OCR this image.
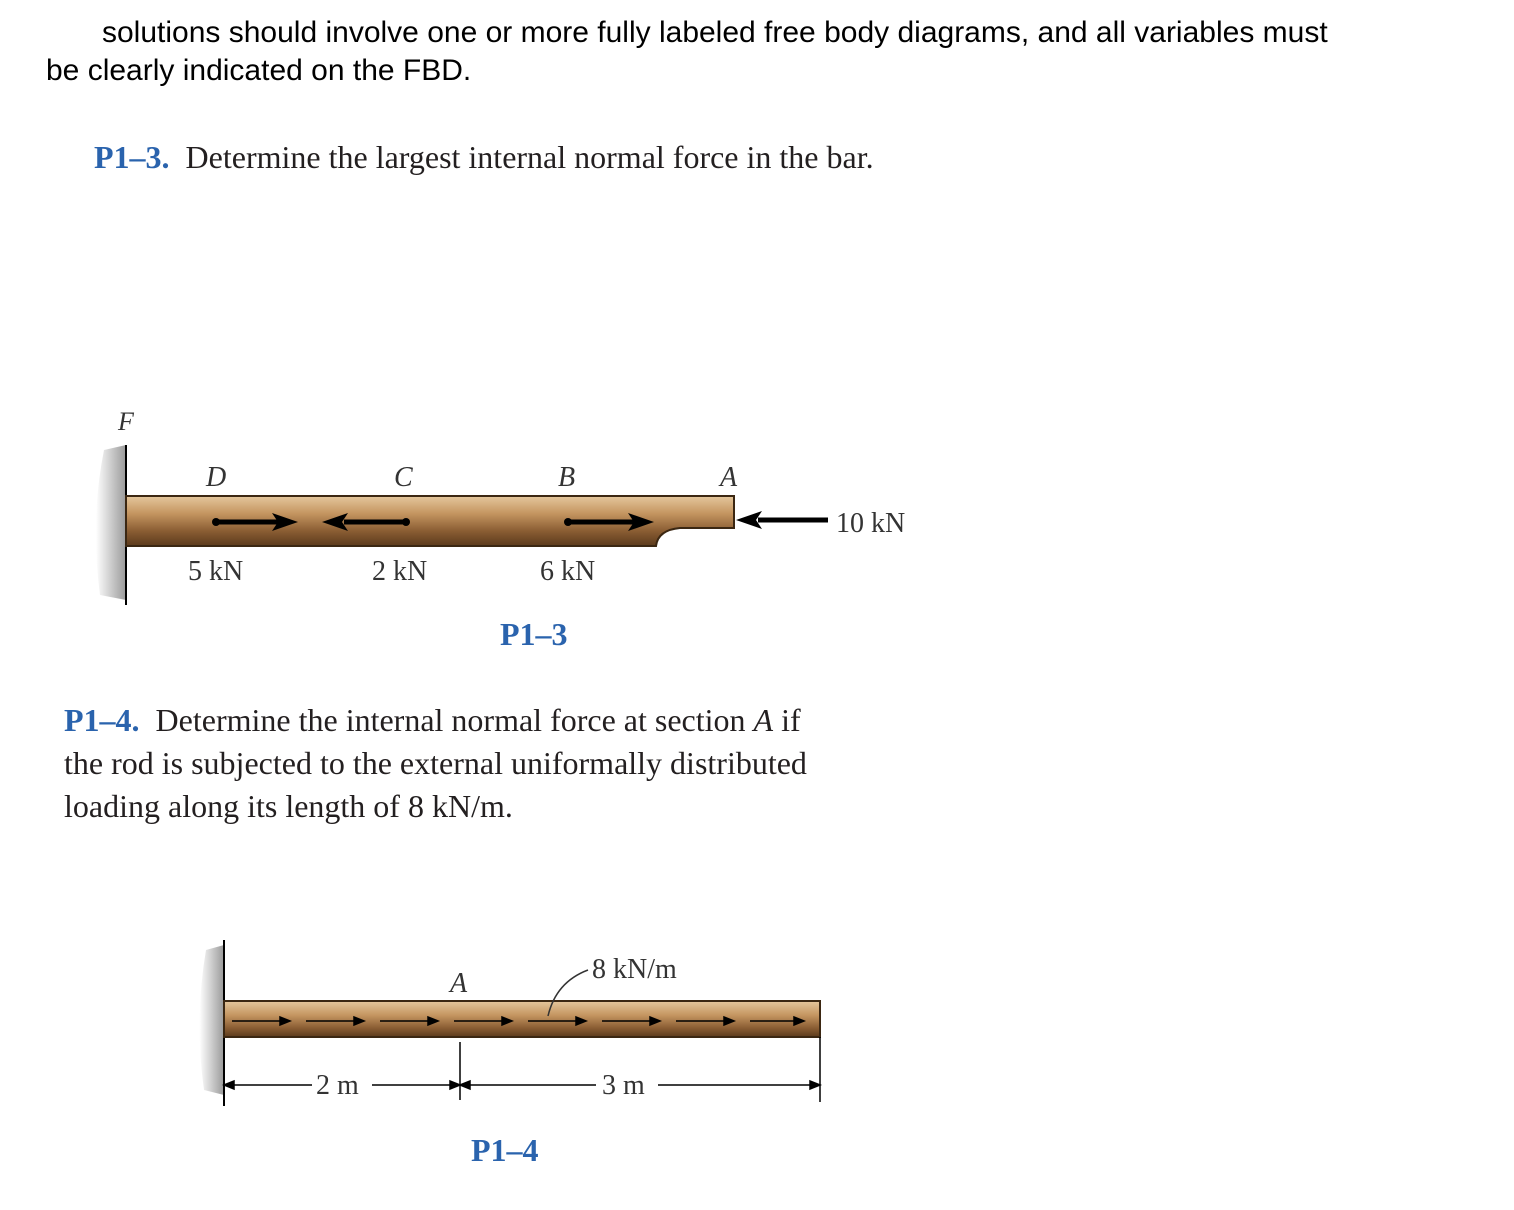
solutions should involve one or more fully labeled free body diagrams, and all variables must
be clearly indicated on the FBD.
P1–3. Determine the largest internal normal force in the bar.
F
D	C	B	A
5 kN	2 kN	6 kN
10 kN
P1–3
P1–4. Determine the internal normal force at section A if
the rod is subjected to the external uniformally distributed
loading along its length of 8 kN/m.
8 kN/m
A
2 m	3 m
P1–4
